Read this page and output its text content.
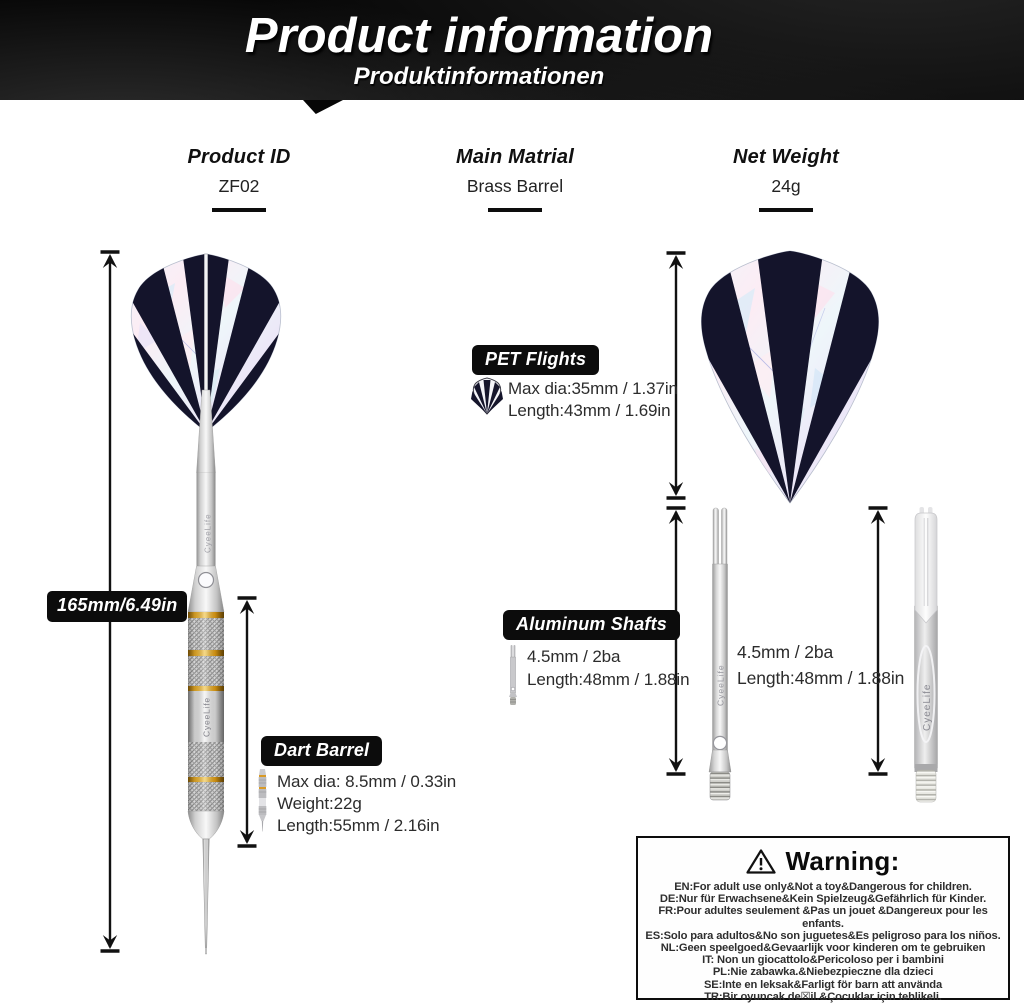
Product information
Produktinformationen
Product ID
ZF02
Main Matrial
Brass Barrel
Net Weight
24g
CyeeLife
CyeeLife
CyeeLife	CyeeLife
165mm/6.49in
PET Flights
Max dia:35mm / 1.37in
Length:43mm / 1.69in
Aluminum Shafts
4.5mm / 2ba
Length:48mm / 1.88in
Dart Barrel
Max dia: 8.5mm / 0.33in
Weight:22g
Length:55mm / 2.16in
4.5mm / 2ba
Length:48mm / 1.88in
Warning:
EN:For adult use only&Not a toy&Dangerous for children.
DE:Nur für Erwachsene&Kein Spielzeug&Gefährlich für Kinder.
FR:Pour adultes seulement &Pas un jouet &Dangereux pour les enfants.
ES:Solo para adultos&No son juguetes&Es peligroso para los niños.
NL:Geen speelgoed&Gevaarlijk voor kinderen om te gebruiken
IT: Non un giocattolo&Pericoloso per i bambini
PL:Nie zabawka.&Niebezpieczne dla dzieci
SE:Inte en leksak&Farligt för barn att använda
TR:Bir oyuncak de☒il.&Çocuklar için tehlikeli.
